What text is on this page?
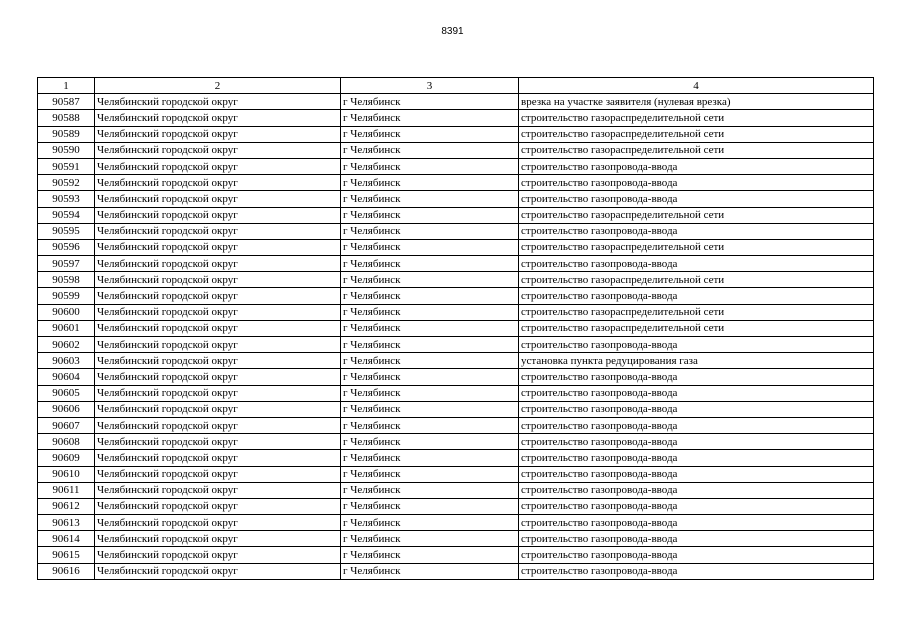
8391
1	2	3	4
90587	Челябинский городской округ	г Челябинск	врезка на участке заявителя (нулевая врезка)
90588	Челябинский городской округ	г Челябинск	строительство газораспределительной сети
90589	Челябинский городской округ	г Челябинск	строительство газораспределительной сети
90590	Челябинский городской округ	г Челябинск	строительство газораспределительной сети
90591	Челябинский городской округ	г Челябинск	строительство газопровода-ввода
90592	Челябинский городской округ	г Челябинск	строительство газопровода-ввода
90593	Челябинский городской округ	г Челябинск	строительство газопровода-ввода
90594	Челябинский городской округ	г Челябинск	строительство газораспределительной сети
90595	Челябинский городской округ	г Челябинск	строительство газопровода-ввода
90596	Челябинский городской округ	г Челябинск	строительство газораспределительной сети
90597	Челябинский городской округ	г Челябинск	строительство газопровода-ввода
90598	Челябинский городской округ	г Челябинск	строительство газораспределительной сети
90599	Челябинский городской округ	г Челябинск	строительство газопровода-ввода
90600	Челябинский городской округ	г Челябинск	строительство газораспределительной сети
90601	Челябинский городской округ	г Челябинск	строительство газораспределительной сети
90602	Челябинский городской округ	г Челябинск	строительство газопровода-ввода
90603	Челябинский городской округ	г Челябинск	установка пункта редуцирования газа
90604	Челябинский городской округ	г Челябинск	строительство газопровода-ввода
90605	Челябинский городской округ	г Челябинск	строительство газопровода-ввода
90606	Челябинский городской округ	г Челябинск	строительство газопровода-ввода
90607	Челябинский городской округ	г Челябинск	строительство газопровода-ввода
90608	Челябинский городской округ	г Челябинск	строительство газопровода-ввода
90609	Челябинский городской округ	г Челябинск	строительство газопровода-ввода
90610	Челябинский городской округ	г Челябинск	строительство газопровода-ввода
90611	Челябинский городской округ	г Челябинск	строительство газопровода-ввода
90612	Челябинский городской округ	г Челябинск	строительство газопровода-ввода
90613	Челябинский городской округ	г Челябинск	строительство газопровода-ввода
90614	Челябинский городской округ	г Челябинск	строительство газопровода-ввода
90615	Челябинский городской округ	г Челябинск	строительство газопровода-ввода
90616	Челябинский городской округ	г Челябинск	строительство газопровода-ввода
